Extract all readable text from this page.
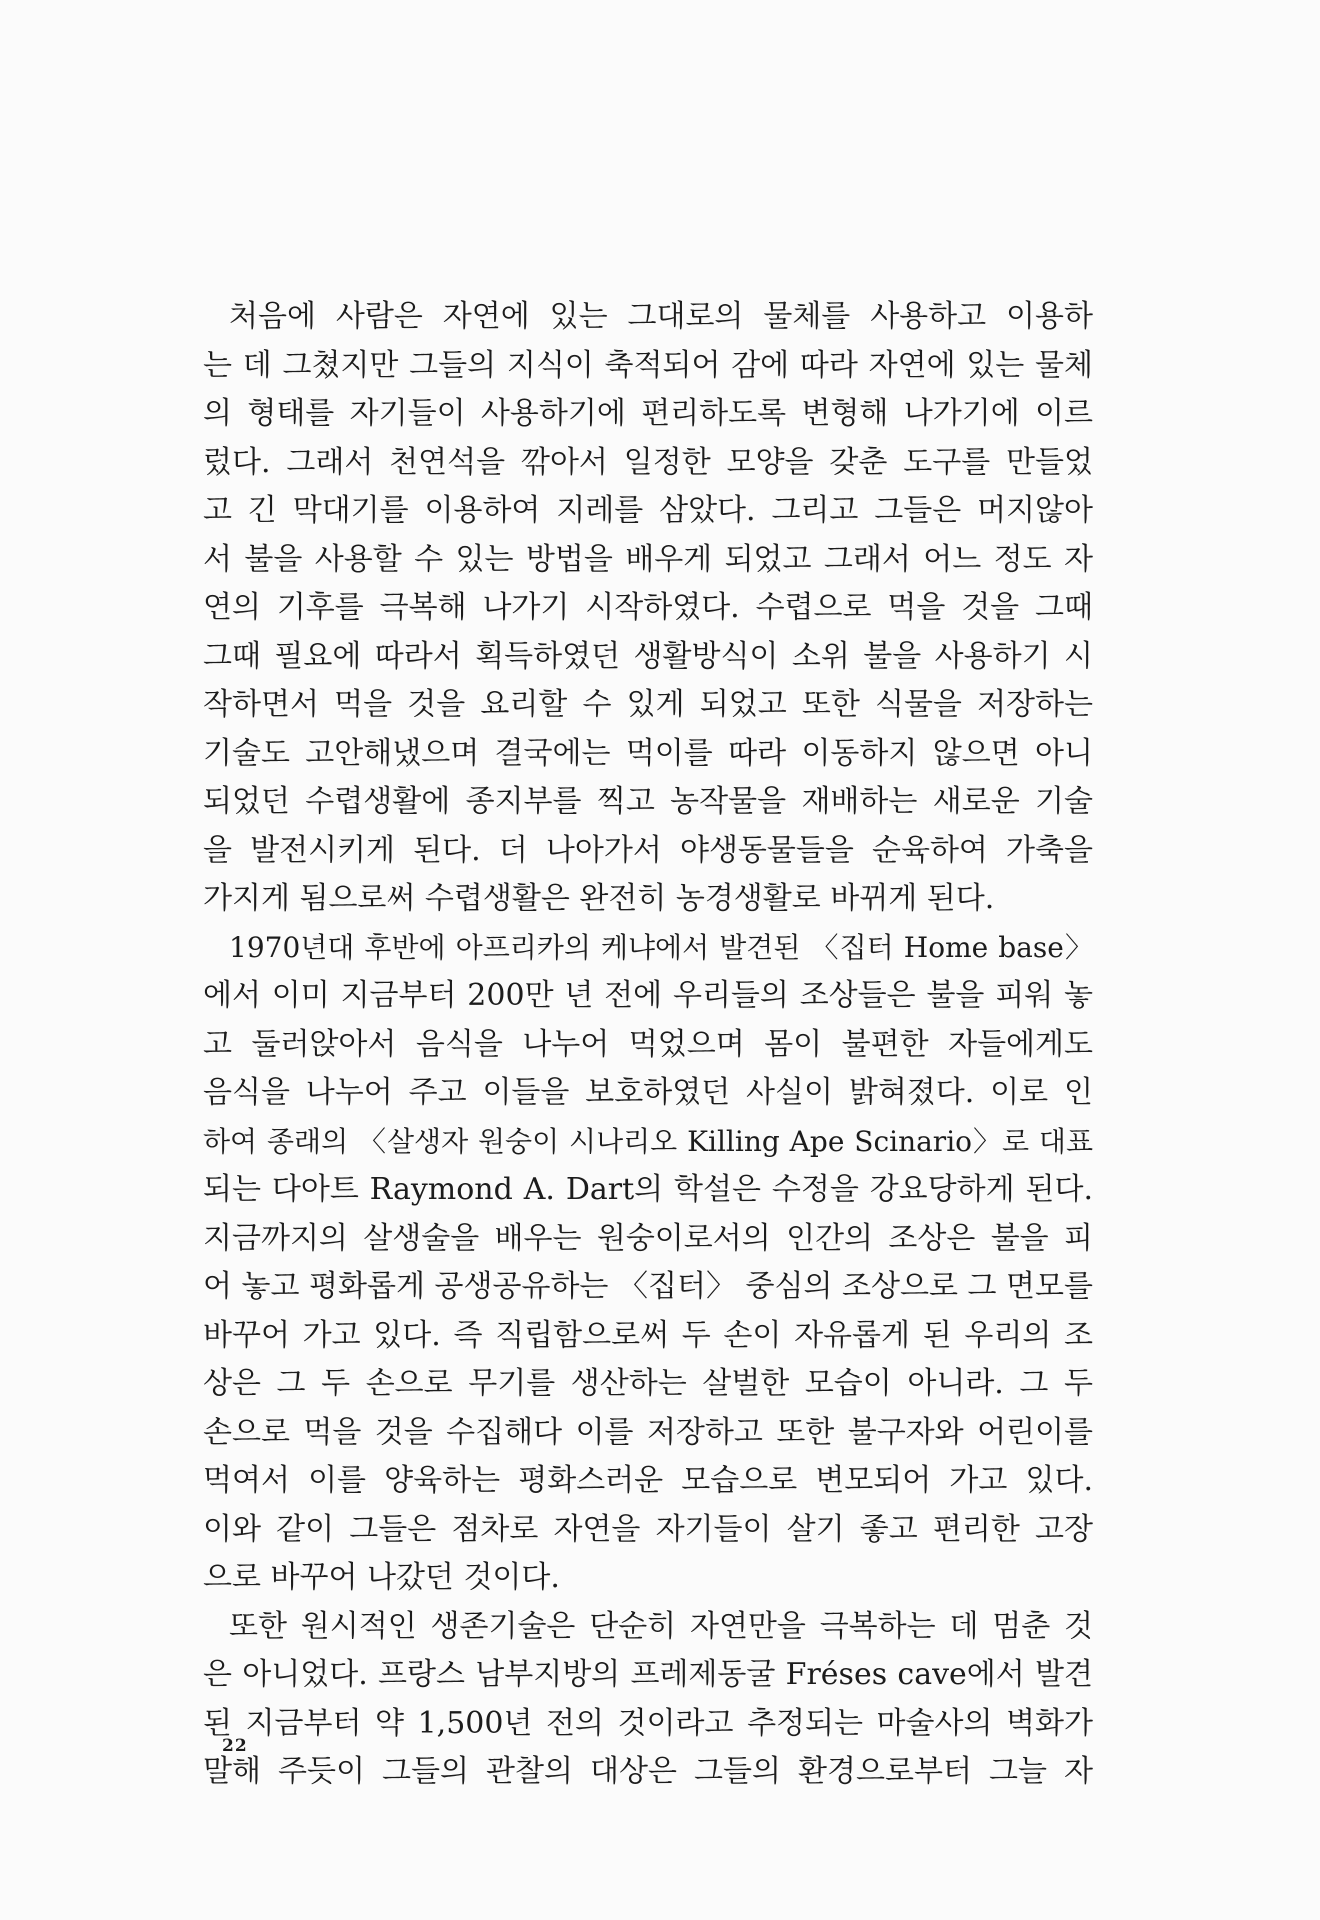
처음에 사람은 자연에 있는 그대로의 물체를 사용하고 이용하
는 데 그쳤지만 그들의 지식이 축적되어 감에 따라 자연에 있는 물체
의 형태를 자기들이 사용하기에 편리하도록 변형해 나가기에 이르
렀다. 그래서 천연석을 깎아서 일정한 모양을 갖춘 도구를 만들었
고 긴 막대기를 이용하여 지레를 삼았다. 그리고 그들은 머지않아
서 불을 사용할 수 있는 방법을 배우게 되었고 그래서 어느 정도 자
연의 기후를 극복해 나가기 시작하였다. 수렵으로 먹을 것을 그때
그때 필요에 따라서 획득하였던 생활방식이 소위 불을 사용하기 시
작하면서 먹을 것을 요리할 수 있게 되었고 또한 식물을 저장하는
기술도 고안해냈으며 결국에는 먹이를 따라 이동하지 않으면 아니
되었던 수렵생활에 종지부를 찍고 농작물을 재배하는 새로운 기술
을 발전시키게 된다. 더 나아가서 야생동물들을 순육하여 가축을
가지게 됨으로써 수렵생활은 완전히 농경생활로 바뀌게 된다.
1970년대 후반에 아프리카의 케냐에서 발견된 〈집터 Home base〉
에서 이미 지금부터 200만 년 전에 우리들의 조상들은 불을 피워 놓
고 둘러앉아서 음식을 나누어 먹었으며 몸이 불편한 자들에게도
음식을 나누어 주고 이들을 보호하였던 사실이 밝혀졌다. 이로 인
하여 종래의 〈살생자 원숭이 시나리오 Killing Ape Scinario〉로 대표
되는 다아트 Raymond A. Dart의 학설은 수정을 강요당하게 된다.
지금까지의 살생술을 배우는 원숭이로서의 인간의 조상은 불을 피
어 놓고 평화롭게 공생공유하는 〈집터〉 중심의 조상으로 그 면모를
바꾸어 가고 있다. 즉 직립함으로써 두 손이 자유롭게 된 우리의 조
상은 그 두 손으로 무기를 생산하는 살벌한 모습이 아니라. 그 두
손으로 먹을 것을 수집해다 이를 저장하고 또한 불구자와 어린이를
먹여서 이를 양육하는 평화스러운 모습으로 변모되어 가고 있다.
이와 같이 그들은 점차로 자연을 자기들이 살기 좋고 편리한 고장
으로 바꾸어 나갔던 것이다.
또한 원시적인 생존기술은 단순히 자연만을 극복하는 데 멈춘 것
은 아니었다. 프랑스 남부지방의 프레제동굴 Fréses cave에서 발견
된 지금부터 약 1,500년 전의 것이라고 추정되는 마술사의 벽화가
말해 주듯이 그들의 관찰의 대상은 그들의 환경으로부터 그늘 자
22
